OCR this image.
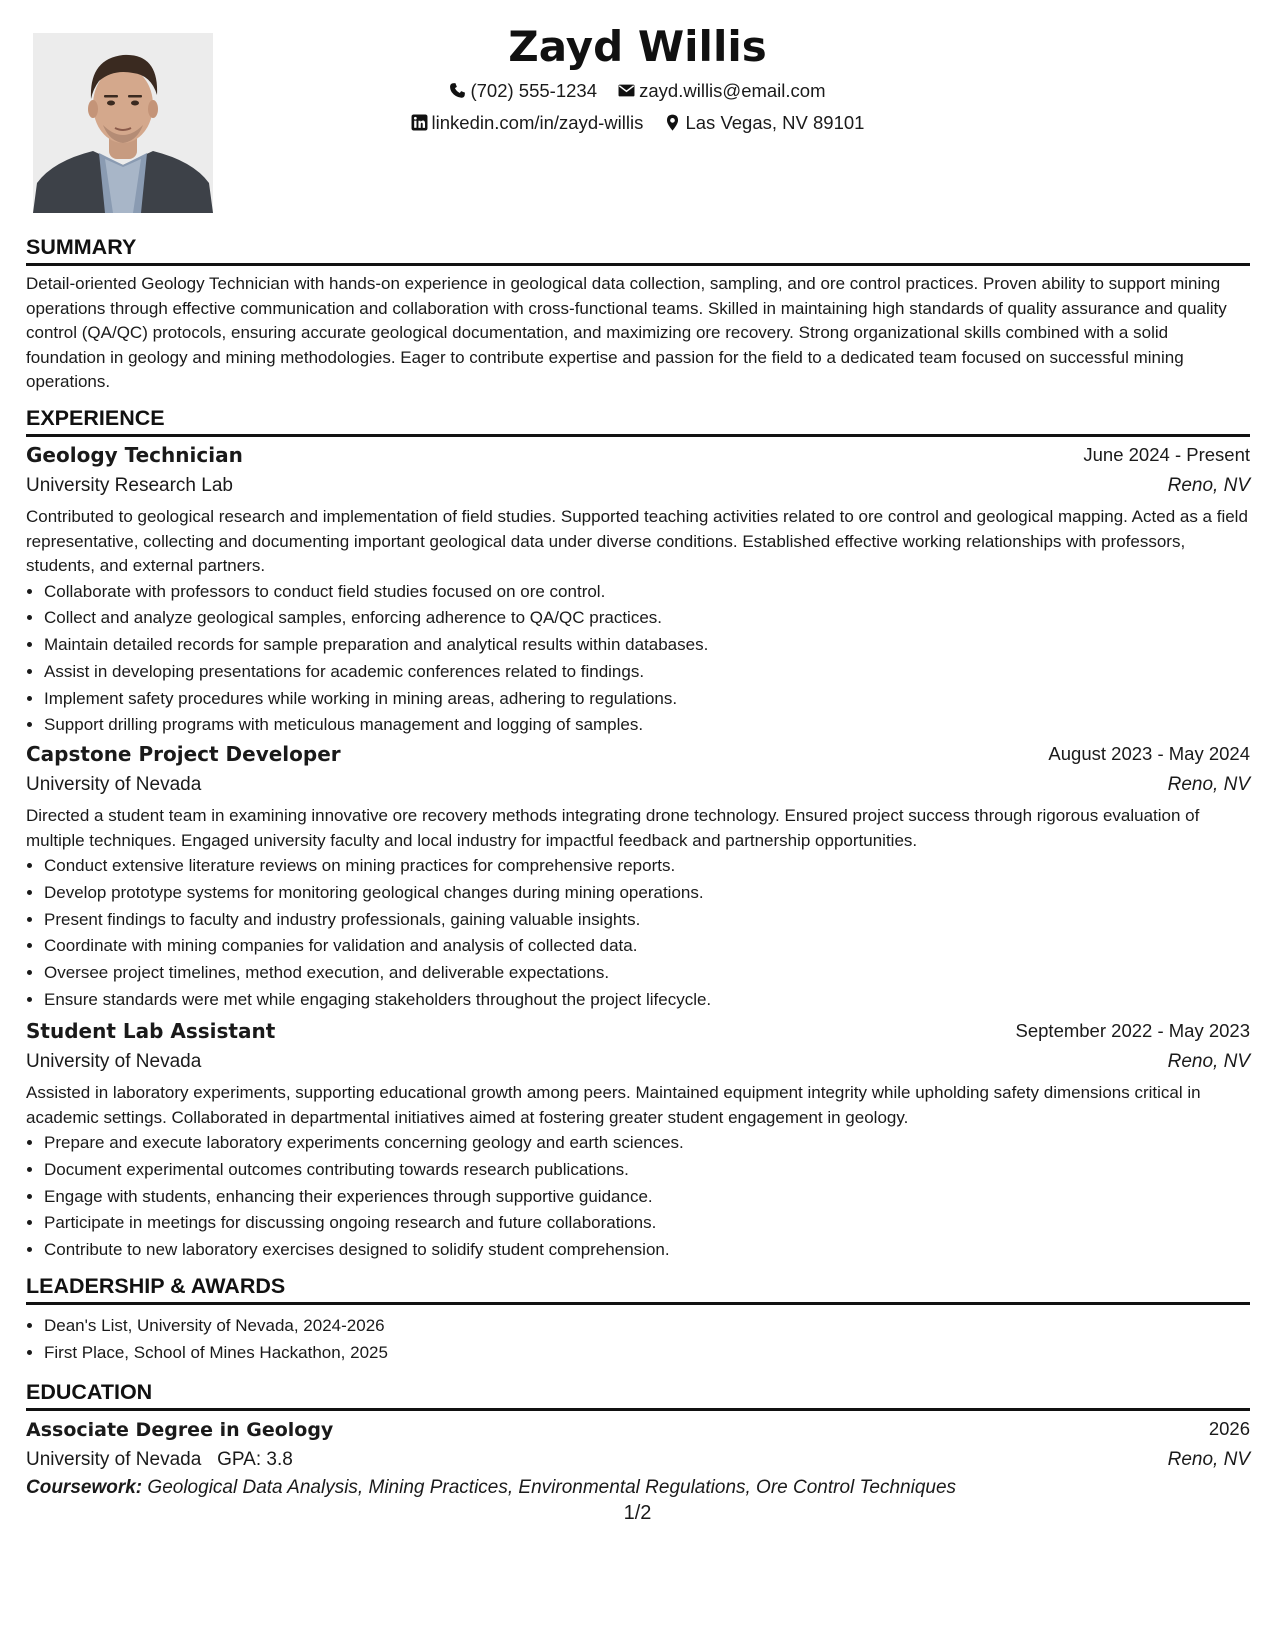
Zayd Willis
(702) 555-1234 zayd.willis@email.com
linkedin.com/in/zayd-willis Las Vegas, NV 89101
SUMMARY

Detail-oriented Geology Technician with hands-on experience in geological data collection, sampling, and ore control practices. Proven ability to support mining operations through effective communication and collaboration with cross-functional teams. Skilled in maintaining high standards of quality assurance and quality control (QA/QC) protocols, ensuring accurate geological documentation, and maximizing ore recovery. Strong organizational skills combined with a solid foundation in geology and mining methodologies. Eager to contribute expertise and passion for the field to a dedicated team focused on successful mining operations.

EXPERIENCE
Geology Technician	June 2024 - Present
University Research Lab	Reno, NV

Contributed to geological research and implementation of field studies. Supported teaching activities related to ore control and geological mapping. Acted as a field representative, collecting and documenting important geological data under diverse conditions. Established effective working relationships with professors, students, and external partners.

• Collaborate with professors to conduct field studies focused on ore control.
• Collect and analyze geological samples, enforcing adherence to QA/QC practices.
• Maintain detailed records for sample preparation and analytical results within databases.
• Assist in developing presentations for academic conferences related to findings.
• Implement safety procedures while working in mining areas, adhering to regulations.
• Support drilling programs with meticulous management and logging of samples.
Capstone Project Developer	August 2023 - May 2024
University of Nevada	Reno, NV

Directed a student team in examining innovative ore recovery methods integrating drone technology. Ensured project success through rigorous evaluation of multiple techniques. Engaged university faculty and local industry for impactful feedback and partnership opportunities.

• Conduct extensive literature reviews on mining practices for comprehensive reports.
• Develop prototype systems for monitoring geological changes during mining operations.
• Present findings to faculty and industry professionals, gaining valuable insights.
• Coordinate with mining companies for validation and analysis of collected data.
• Oversee project timelines, method execution, and deliverable expectations.
• Ensure standards were met while engaging stakeholders throughout the project lifecycle.
Student Lab Assistant	September 2022 - May 2023
University of Nevada	Reno, NV

Assisted in laboratory experiments, supporting educational growth among peers. Maintained equipment integrity while upholding safety dimensions critical in academic settings. Collaborated in departmental initiatives aimed at fostering greater student engagement in geology.

• Prepare and execute laboratory experiments concerning geology and earth sciences.
• Document experimental outcomes contributing towards research publications.
• Engage with students, enhancing their experiences through supportive guidance.
• Participate in meetings for discussing ongoing research and future collaborations.
• Contribute to new laboratory exercises designed to solidify student comprehension.
LEADERSHIP & AWARDS
• Dean's List, University of Nevada, 2024-2026
• First Place, School of Mines Hackathon, 2025
EDUCATION
Associate Degree in Geology	2026
University of Nevada GPA: 3.8	Reno, NV
Coursework: Geological Data Analysis, Mining Practices, Environmental Regulations, Ore Control Techniques
1/2
